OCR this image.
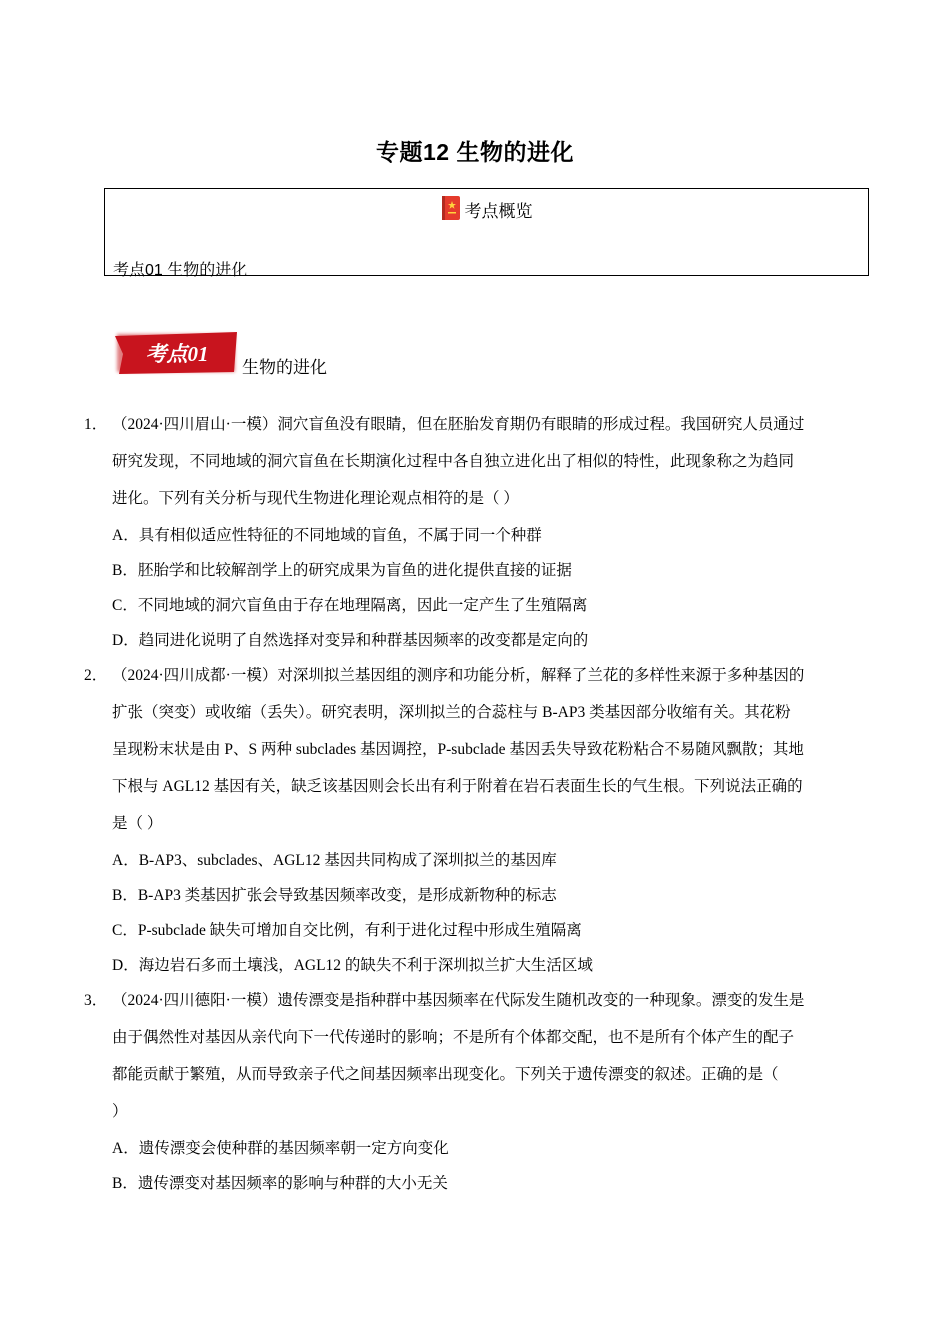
专题12 生物的进化
考点概览
考点01 生物的进化
考点01
生物的进化
1． （2024·四川眉山·一模）洞穴盲鱼没有眼睛，但在胚胎发育期仍有眼睛的形成过程。我国研究人员通过
研究发现，不同地域的洞穴盲鱼在长期演化过程中各自独立进化出了相似的特性，此现象称之为趋同
进化。下列有关分析与现代生物进化理论观点相符的是（ ）
A．具有相似适应性特征的不同地域的盲鱼，不属于同一个种群
B．胚胎学和比较解剖学上的研究成果为盲鱼的进化提供直接的证据
C．不同地域的洞穴盲鱼由于存在地理隔离，因此一定产生了生殖隔离
D．趋同进化说明了自然选择对变异和种群基因频率的改变都是定向的
2． （2024·四川成都·一模）对深圳拟兰基因组的测序和功能分析，解释了兰花的多样性来源于多种基因的
扩张（突变）或收缩（丢失）。研究表明，深圳拟兰的合蕊柱与 B-AP3 类基因部分收缩有关。其花粉
呈现粉末状是由 P、S 两种 subclades 基因调控，P-subclade 基因丢失导致花粉粘合不易随风飘散；其地
下根与 AGL12 基因有关，缺乏该基因则会长出有利于附着在岩石表面生长的气生根。下列说法正确的
是（ ）
A．B-AP3、subclades、AGL12 基因共同构成了深圳拟兰的基因库
B．B-AP3 类基因扩张会导致基因频率改变，是形成新物种的标志
C．P-subclade 缺失可增加自交比例，有利于进化过程中形成生殖隔离
D．海边岩石多而土壤浅，AGL12 的缺失不利于深圳拟兰扩大生活区域
3． （2024·四川德阳·一模）遗传漂变是指种群中基因频率在代际发生随机改变的一种现象。漂变的发生是
由于偶然性对基因从亲代向下一代传递时的影响；不是所有个体都交配，也不是所有个体产生的配子
都能贡献于繁殖，从而导致亲子代之间基因频率出现变化。下列关于遗传漂变的叙述。正确的是（
）
A．遗传漂变会使种群的基因频率朝一定方向变化
B．遗传漂变对基因频率的影响与种群的大小无关
